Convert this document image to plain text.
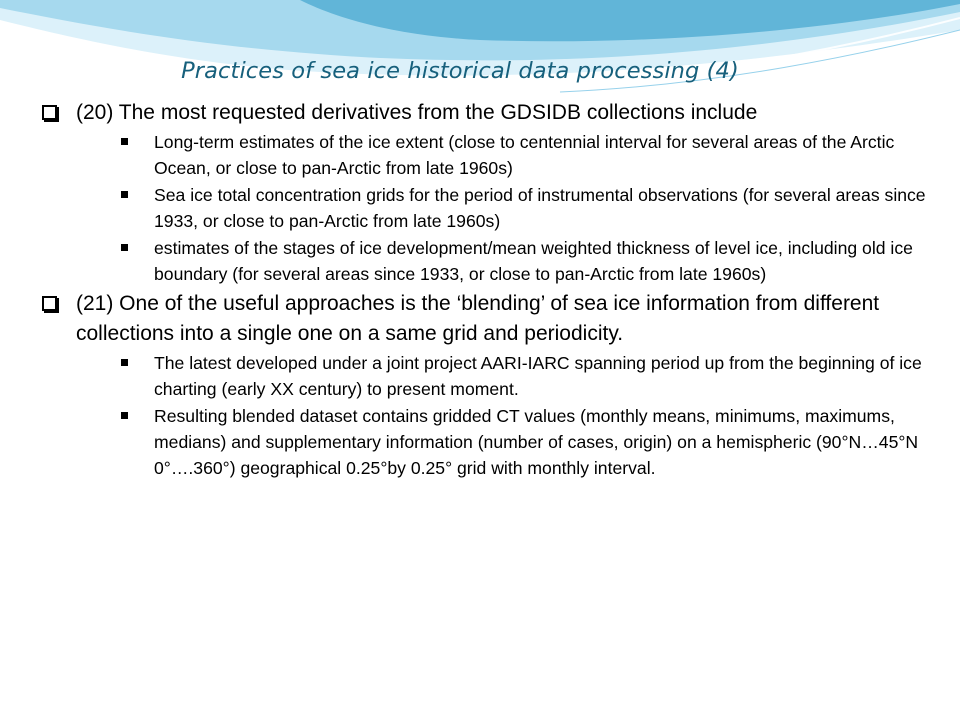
Practices of sea ice historical data processing (4)
(20) The most requested derivatives from the GDSIDB collections include
Long-term estimates of the ice extent (close to centennial interval for several areas of the Arctic Ocean, or close to pan-Arctic from late 1960s)
Sea ice total concentration grids for the period of instrumental observations (for several areas since 1933, or close to pan-Arctic from late 1960s)
estimates of the stages of ice development/mean weighted thickness of level ice, including old ice boundary (for several areas since 1933, or close to pan-Arctic from late 1960s)
(21) One of the useful approaches is the ‘blending’ of sea ice information from different collections into a single one on a same grid and periodicity.
The latest developed under a joint project AARI-IARC spanning period up from the beginning of ice charting (early XX century) to present moment.
Resulting blended dataset contains gridded CT values (monthly means, minimums, maximums, medians) and supplementary information (number of cases, origin) on a hemispheric (90°N…45°N 0°….360°) geographical 0.25°by 0.25° grid with monthly interval.
